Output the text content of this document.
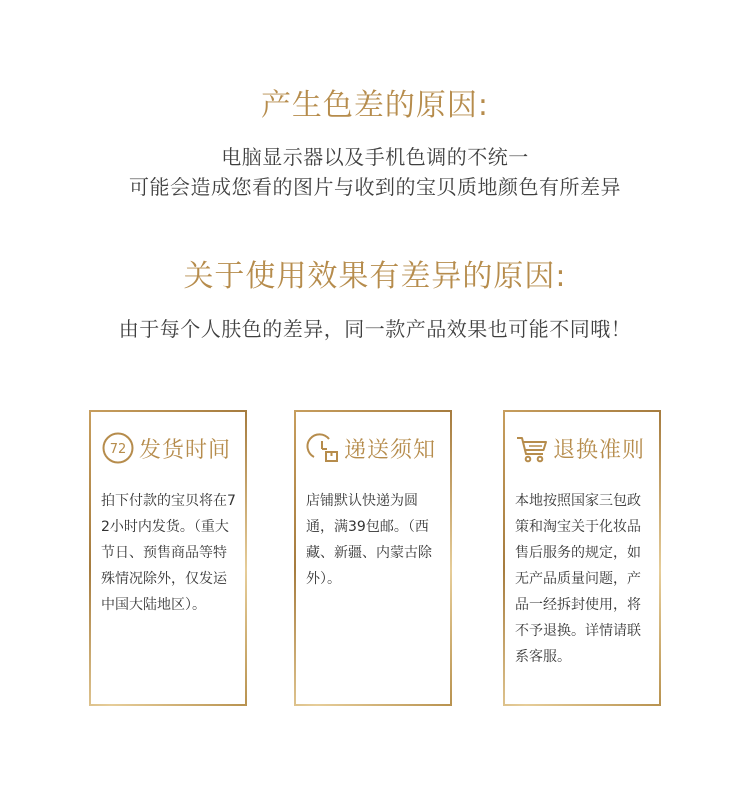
产生色差的原因:

电脑显示器以及手机色调的不统一

可能会造成您看的图片与收到的宝贝质地颜色有所差异

关于使用效果有差异的原因:

由于每个人肤色的差异，同一款产品效果也可能不同哦！

72 发货时间
拍下付款的宝贝将在72小时内发货。（重大节日、预售商品等特殊情况除外，仅发运中国大陆地区）。
递送须知
店铺默认快递为圆通，满39包邮。（西藏、新疆、内蒙古除外）。
退换准则
本地按照国家三包政策和淘宝关于化妆品售后服务的规定，如无产品质量问题，产品一经拆封使用，将不予退换。详情请联系客服。
